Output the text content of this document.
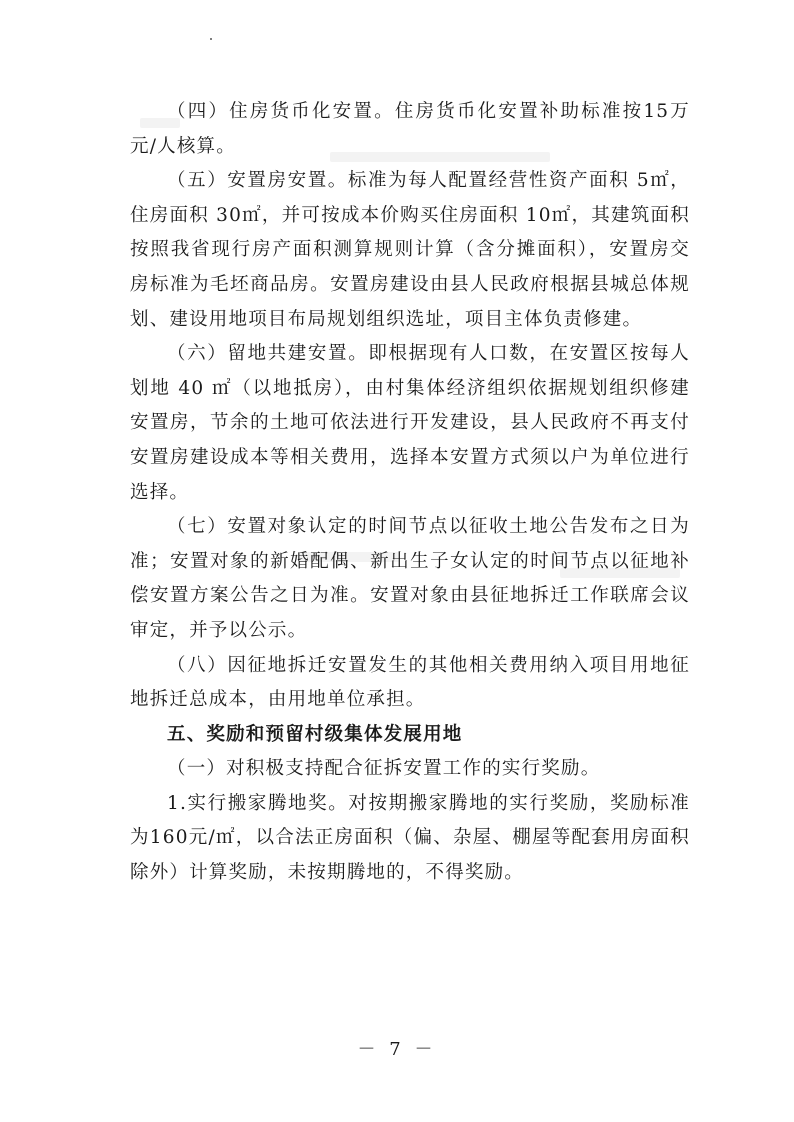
（四）住房货币化安置。住房货币化安置补助标准按15万元/人核算。

（五）安置房安置。标准为每人配置经营性资产面积 5㎡，住房面积 30㎡，并可按成本价购买住房面积 10㎡，其建筑面积按照我省现行房产面积测算规则计算（含分摊面积），安置房交房标准为毛坯商品房。安置房建设由县人民政府根据县城总体规划、建设用地项目布局规划组织选址，项目主体负责修建。

（六）留地共建安置。即根据现有人口数，在安置区按每人划地 40 ㎡（以地抵房），由村集体经济组织依据规划组织修建安置房，节余的土地可依法进行开发建设，县人民政府不再支付安置房建设成本等相关费用，选择本安置方式须以户为单位进行选择。

（七）安置对象认定的时间节点以征收土地公告发布之日为准；安置对象的新婚配偶、新出生子女认定的时间节点以征地补偿安置方案公告之日为准。安置对象由县征地拆迁工作联席会议审定，并予以公示。

（八）因征地拆迁安置发生的其他相关费用纳入项目用地征地拆迁总成本，由用地单位承担。

五、奖励和预留村级集体发展用地

（一）对积极支持配合征拆安置工作的实行奖励。

1.实行搬家腾地奖。对按期搬家腾地的实行奖励，奖励标准为160元/㎡，以合法正房面积（偏、杂屋、棚屋等配套用房面积除外）计算奖励，未按期腾地的，不得奖励。

－ 7 －
